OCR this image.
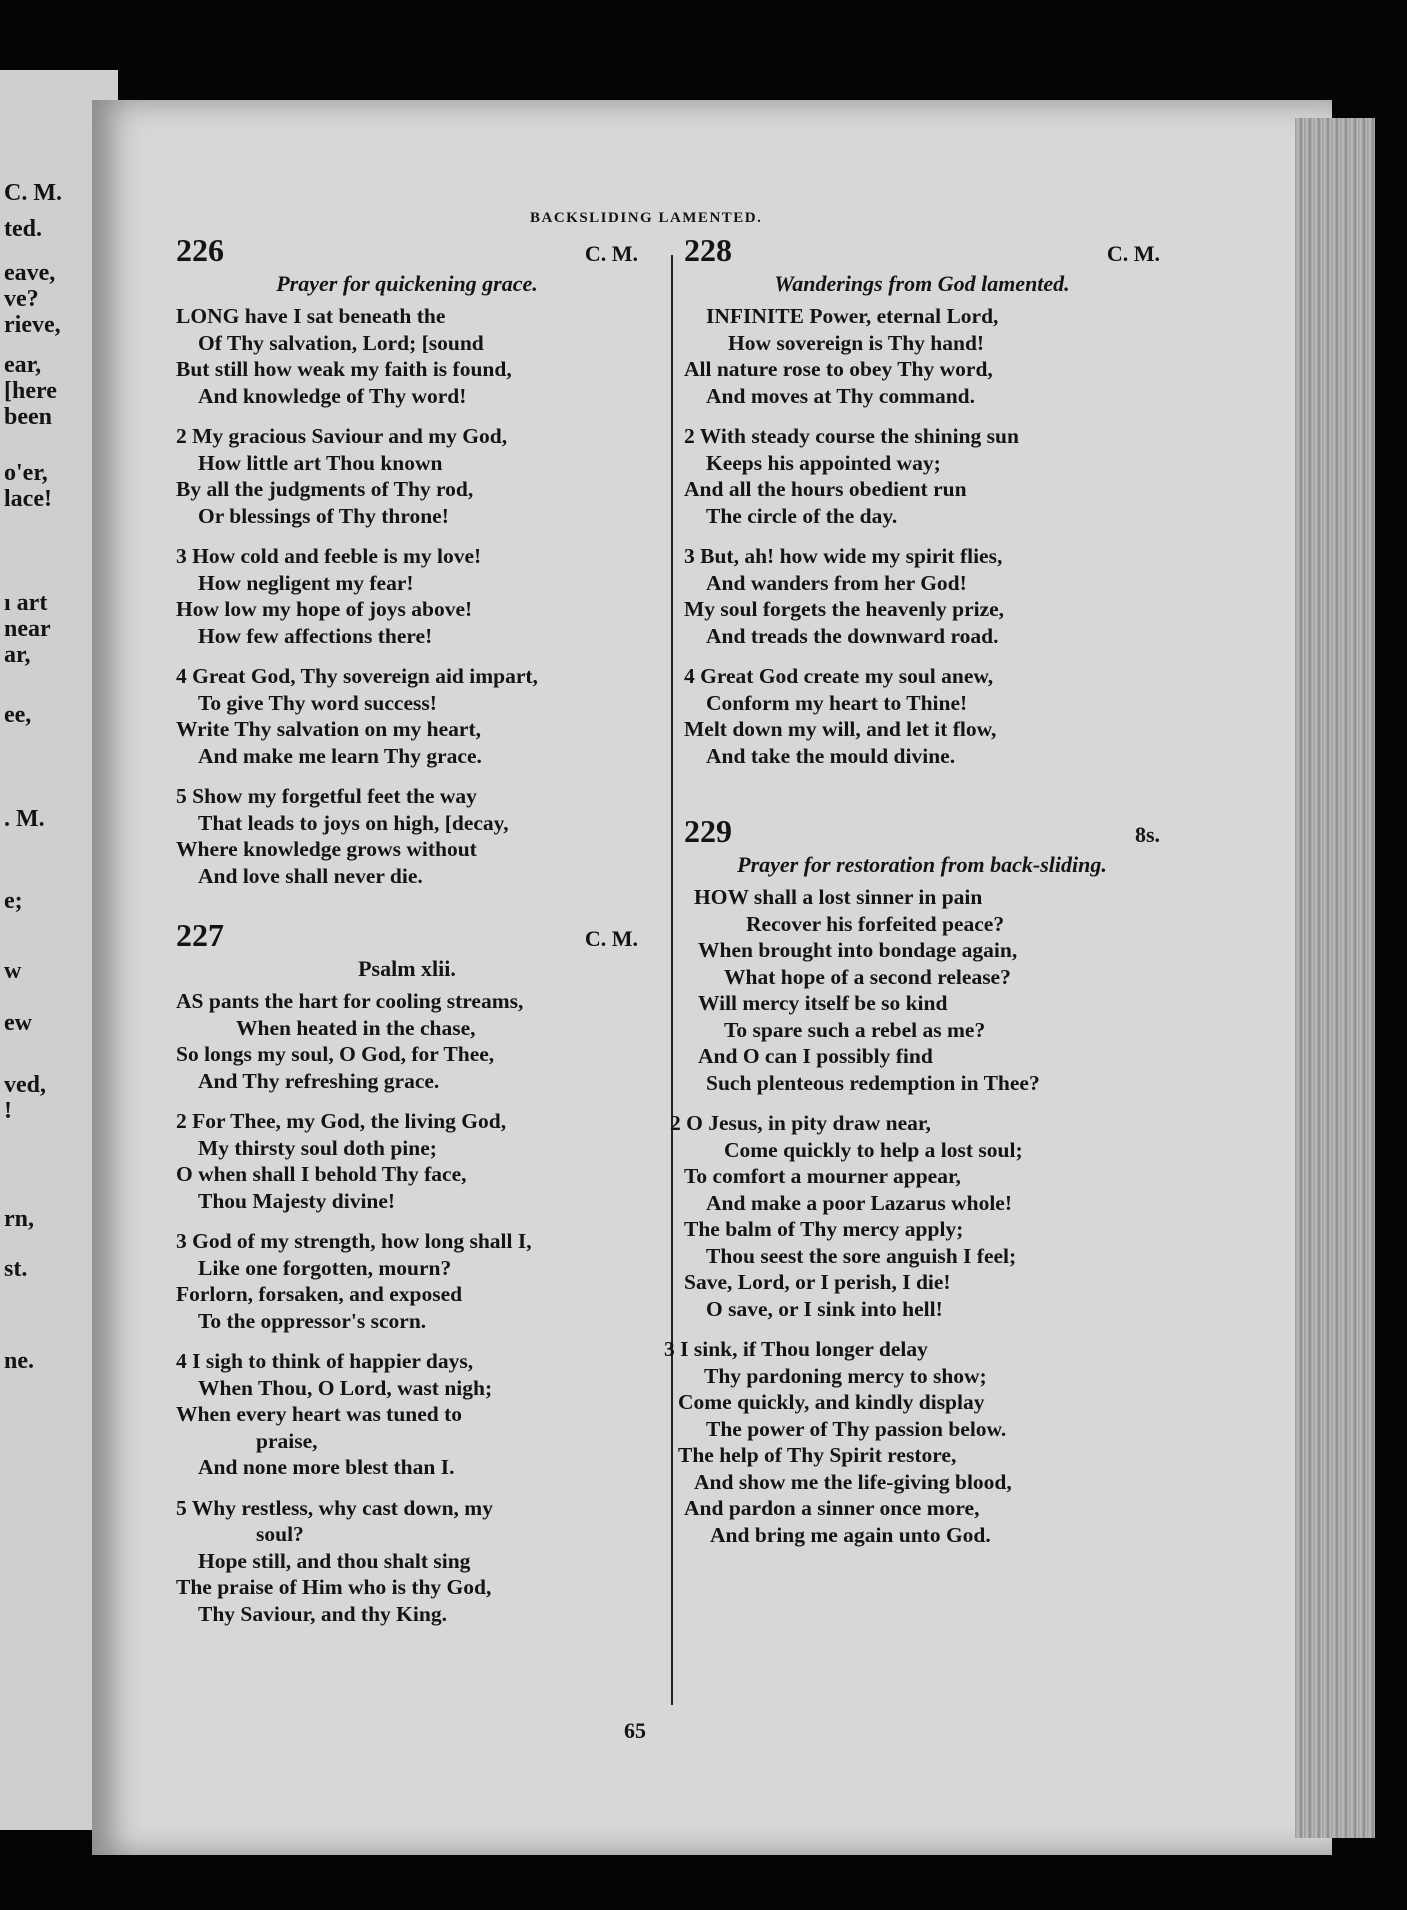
C. M.
ted.
eave,
ve?
rieve,
ear,
[here
been
o'er,
lace!
ı art
near
ar,
ee,
. M.
e;
w
ew
ved,
!
rn,
st.
ne.
BACKSLIDING LAMENTED.
226	C. M.
Prayer for quickening grace.
LONG have I sat beneath the
Of Thy salvation, Lord; [sound
But still how weak my faith is found,
And knowledge of Thy word!
2 My gracious Saviour and my God,
How little art Thou known
By all the judgments of Thy rod,
Or blessings of Thy throne!
3 How cold and feeble is my love!
How negligent my fear!
How low my hope of joys above!
How few affections there!
4 Great God, Thy sovereign aid impart,
To give Thy word success!
Write Thy salvation on my heart,
And make me learn Thy grace.
5 Show my forgetful feet the way
That leads to joys on high, [decay,
Where knowledge grows without
And love shall never die.
227	C. M.
Psalm xlii.
AS pants the hart for cooling streams,
When heated in the chase,
So longs my soul, O God, for Thee,
And Thy refreshing grace.
2 For Thee, my God, the living God,
My thirsty soul doth pine;
O when shall I behold Thy face,
Thou Majesty divine!
3 God of my strength, how long shall I,
Like one forgotten, mourn?
Forlorn, forsaken, and exposed
To the oppressor's scorn.
4 I sigh to think of happier days,
When Thou, O Lord, wast nigh;
When every heart was tuned to
praise,
And none more blest than I.
5 Why restless, why cast down, my
soul?
Hope still, and thou shalt sing
The praise of Him who is thy God,
Thy Saviour, and thy King.
228	C. M.
Wanderings from God lamented.
INFINITE Power, eternal Lord,
How sovereign is Thy hand!
All nature rose to obey Thy word,
And moves at Thy command.
2 With steady course the shining sun
Keeps his appointed way;
And all the hours obedient run
The circle of the day.
3 But, ah! how wide my spirit flies,
And wanders from her God!
My soul forgets the heavenly prize,
And treads the downward road.
4 Great God create my soul anew,
Conform my heart to Thine!
Melt down my will, and let it flow,
And take the mould divine.
229	8s.
Prayer for restoration from back-sliding.
HOW shall a lost sinner in pain
Recover his forfeited peace?
When brought into bondage again,
What hope of a second release?
Will mercy itself be so kind
To spare such a rebel as me?
And O can I possibly find
Such plenteous redemption in Thee?
2 O Jesus, in pity draw near,
Come quickly to help a lost soul;
To comfort a mourner appear,
And make a poor Lazarus whole!
The balm of Thy mercy apply;
Thou seest the sore anguish I feel;
Save, Lord, or I perish, I die!
O save, or I sink into hell!
3 I sink, if Thou longer delay
Thy pardoning mercy to show;
Come quickly, and kindly display
The power of Thy passion below.
The help of Thy Spirit restore,
And show me the life-giving blood,
And pardon a sinner once more,
And bring me again unto God.
65
